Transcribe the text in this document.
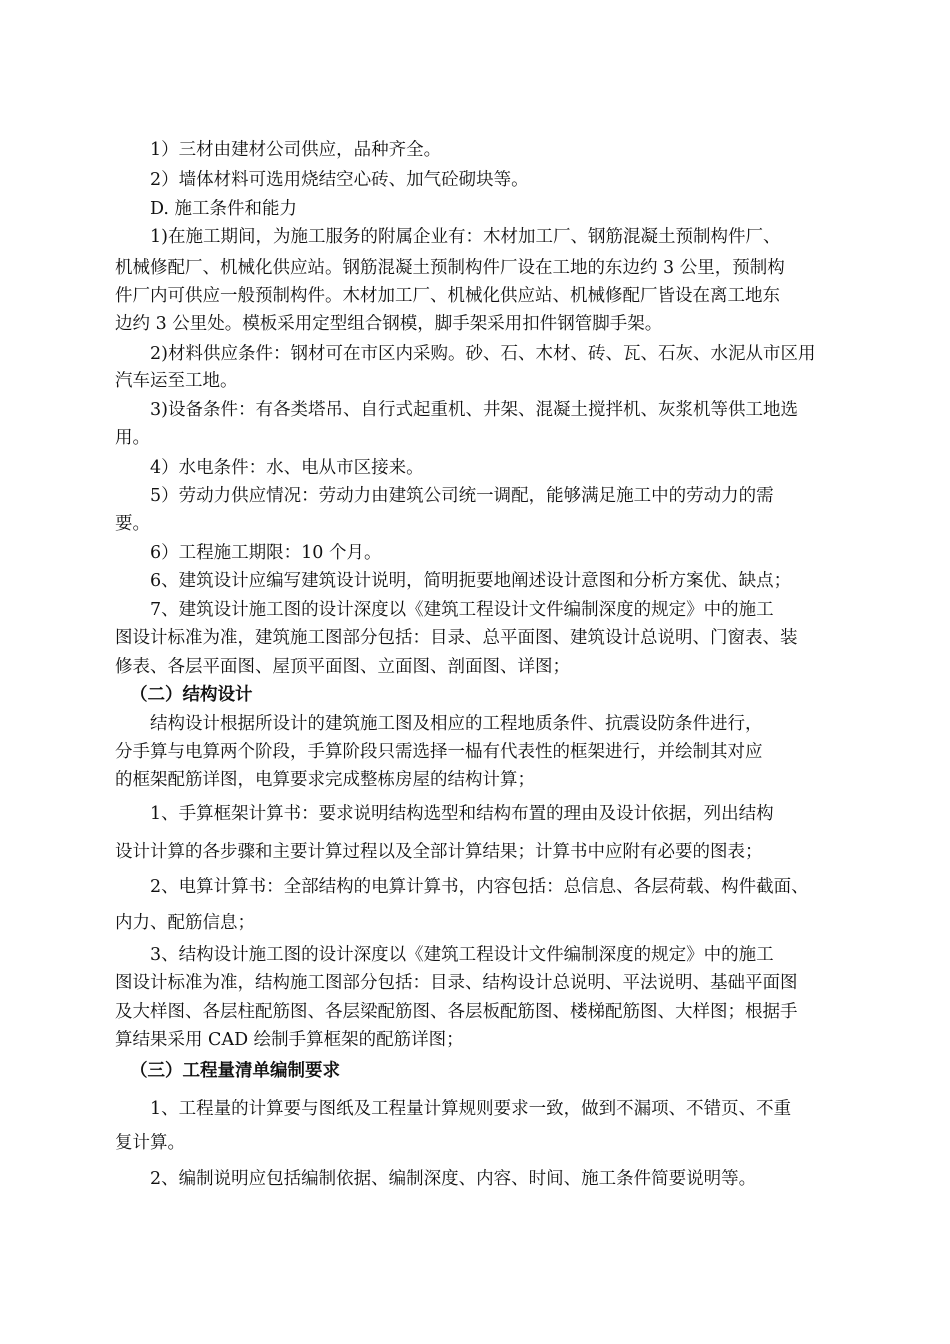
1）三材由建材公司供应，品种齐全。
2）墙体材料可选用烧结空心砖、加气砼砌块等。
D. 施工条件和能力
1)在施工期间，为施工服务的附属企业有：木材加工厂、钢筋混凝土预制构件厂、
机械修配厂、机械化供应站。钢筋混凝土预制构件厂设在工地的东边约 3 公里，预制构
件厂内可供应一般预制构件。木材加工厂、机械化供应站、机械修配厂皆设在离工地东
边约 3 公里处。模板采用定型组合钢模，脚手架采用扣件钢管脚手架。
2)材料供应条件：钢材可在市区内采购。砂、石、木材、砖、瓦、石灰、水泥从市区用
汽车运至工地。
3)设备条件：有各类塔吊、自行式起重机、井架、混凝土搅拌机、灰浆机等供工地选
用。
4）水电条件：水、电从市区接来。
5）劳动力供应情况：劳动力由建筑公司统一调配，能够满足施工中的劳动力的需
要。
6）工程施工期限：10 个月。
6、建筑设计应编写建筑设计说明，简明扼要地阐述设计意图和分析方案优、缺点；
7、建筑设计施工图的设计深度以《建筑工程设计文件编制深度的规定》中的施工
图设计标准为准，建筑施工图部分包括：目录、总平面图、建筑设计总说明、门窗表、装
修表、各层平面图、屋顶平面图、立面图、剖面图、详图；
（二）结构设计
结构设计根据所设计的建筑施工图及相应的工程地质条件、抗震设防条件进行，
分手算与电算两个阶段，手算阶段只需选择一榀有代表性的框架进行，并绘制其对应
的框架配筋详图，电算要求完成整栋房屋的结构计算；
1、手算框架计算书：要求说明结构选型和结构布置的理由及设计依据，列出结构
设计计算的各步骤和主要计算过程以及全部计算结果；计算书中应附有必要的图表；
2、电算计算书：全部结构的电算计算书，内容包括：总信息、各层荷载、构件截面、
内力、配筋信息；
3、结构设计施工图的设计深度以《建筑工程设计文件编制深度的规定》中的施工
图设计标准为准，结构施工图部分包括：目录、结构设计总说明、平法说明、基础平面图
及大样图、各层柱配筋图、各层梁配筋图、各层板配筋图、楼梯配筋图、大样图；根据手
算结果采用 CAD 绘制手算框架的配筋详图；
（三）工程量清单编制要求
1、工程量的计算要与图纸及工程量计算规则要求一致，做到不漏项、不错页、不重
复计算。
2、编制说明应包括编制依据、编制深度、内容、时间、施工条件简要说明等。
